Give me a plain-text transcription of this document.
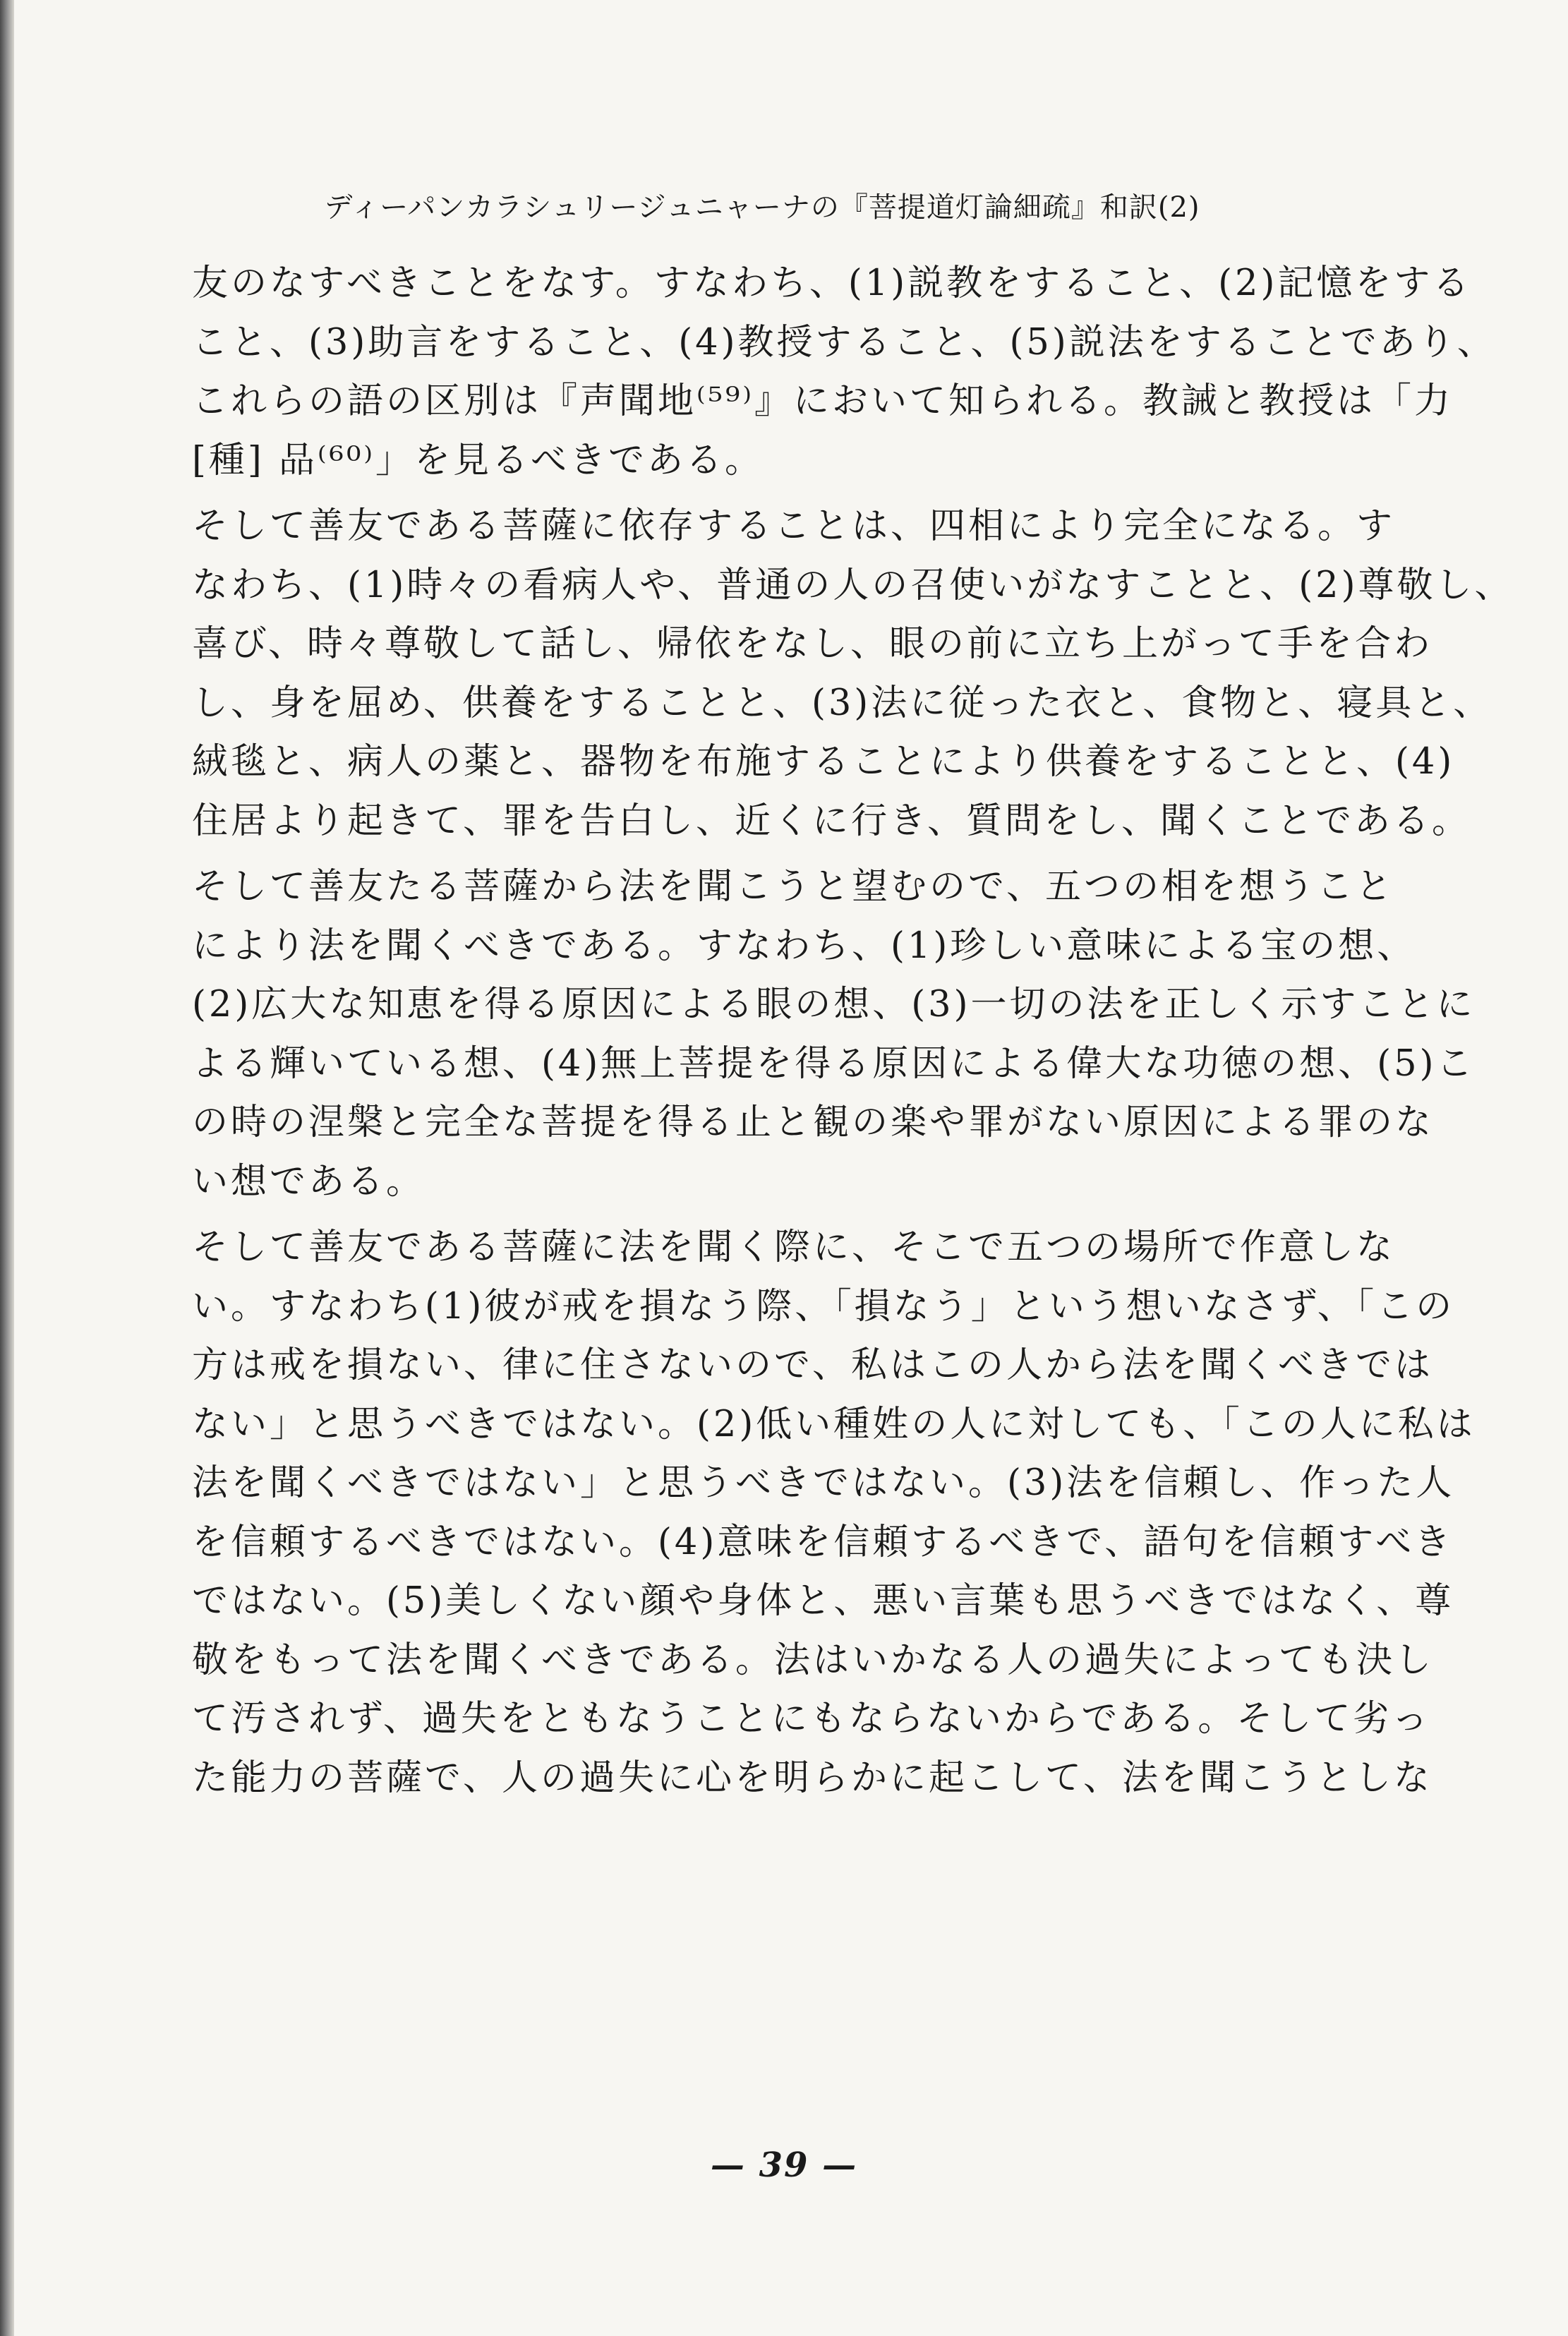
ディーパンカラシュリージュニャーナの『菩提道灯論細疏』和訳(2)
友のなすべきことをなす。すなわち、(1)説教をすること、(2)記憶をする
こと、(3)助言をすること、(4)教授すること、(5)説法をすることであり、
これらの語の区別は『声聞地⁽⁵⁹⁾』において知られる。教誡と教授は「力
[種] 品⁽⁶⁰⁾」を見るべきである。
そして善友である菩薩に依存することは、四相により完全になる。す
なわち、(1)時々の看病人や、普通の人の召使いがなすことと、(2)尊敬し、
喜び、時々尊敬して話し、帰依をなし、眼の前に立ち上がって手を合わ
し、身を屈め、供養をすることと、(3)法に従った衣と、食物と、寝具と、
絨毯と、病人の薬と、器物を布施することにより供養をすることと、(4)
住居より起きて、罪を告白し、近くに行き、質問をし、聞くことである。
そして善友たる菩薩から法を聞こうと望むので、五つの相を想うこと
により法を聞くべきである。すなわち、(1)珍しい意味による宝の想、
(2)広大な知恵を得る原因による眼の想、(3)一切の法を正しく示すことに
よる輝いている想、(4)無上菩提を得る原因による偉大な功徳の想、(5)こ
の時の涅槃と完全な菩提を得る止と観の楽や罪がない原因による罪のな
い想である。
そして善友である菩薩に法を聞く際に、そこで五つの場所で作意しな
い。すなわち(1)彼が戒を損なう際、「損なう」という想いなさず、「この
方は戒を損ない、律に住さないので、私はこの人から法を聞くべきでは
ない」と思うべきではない。(2)低い種姓の人に対しても、「この人に私は
法を聞くべきではない」と思うべきではない。(3)法を信頼し、作った人
を信頼するべきではない。(4)意味を信頼するべきで、語句を信頼すべき
ではない。(5)美しくない顔や身体と、悪い言葉も思うべきではなく、尊
敬をもって法を聞くべきである。法はいかなる人の過失によっても決し
て汚されず、過失をともなうことにもならないからである。そして劣っ
た能力の菩薩で、人の過失に心を明らかに起こして、法を聞こうとしな
— 39 —
